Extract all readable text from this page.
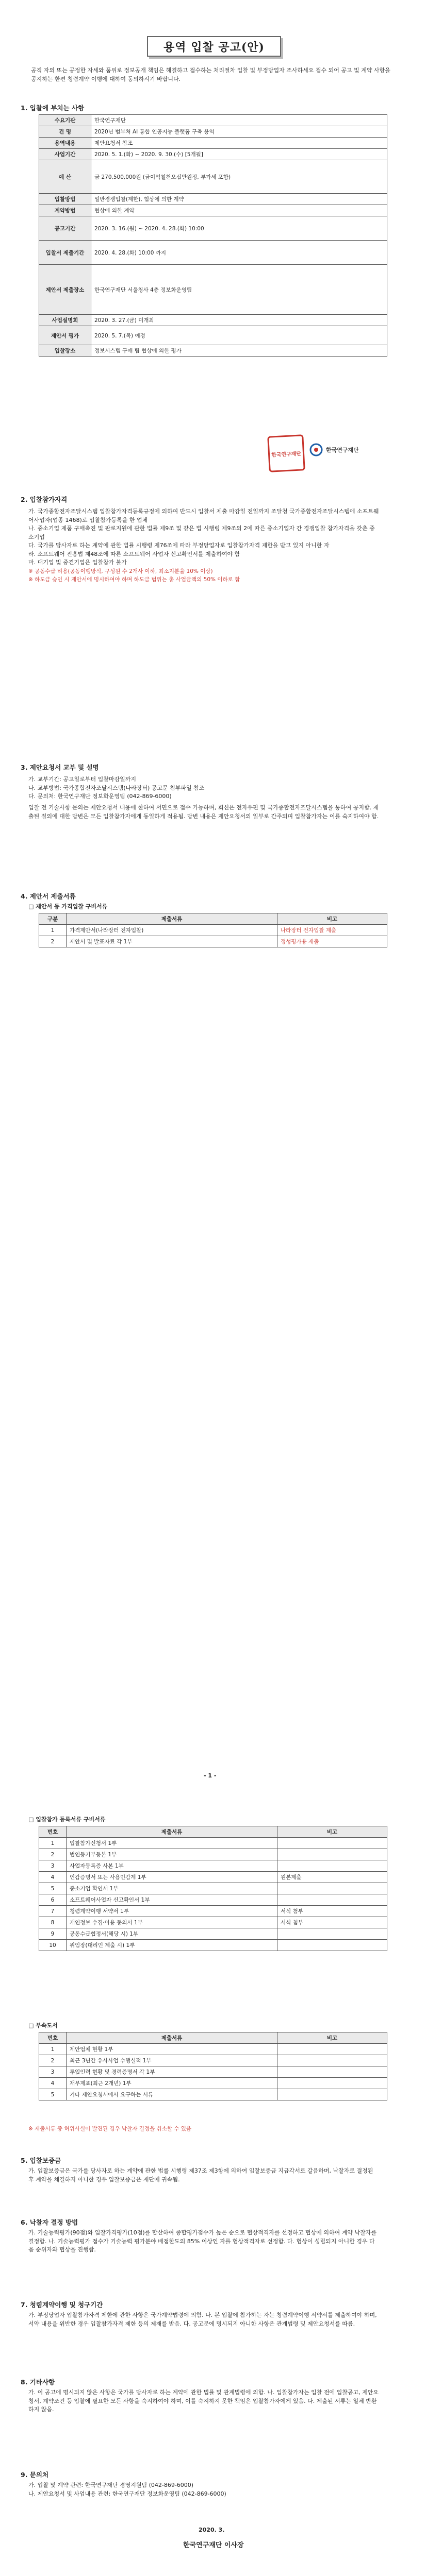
용역 입찰 공고(안)
공직 자의 또는 공정한 자세와 품위로 정보공개 책임은 해결하고 접수하는 처리절차 입찰 및 부정당업자 조사하세요 접수 되어 공고 및 계약 사항을 공지하는 한편 청렴계약 이행에 대하여 동의하시기 바랍니다.
1. 입찰에 부치는 사항
수요기관	한국연구재단
건 명	2020년 범부처 AI 통합 인공지능 플랫폼 구축 용역
용역내용	제안요청서 참조
사업기간	2020. 5. 1.(화) ~ 2020. 9. 30.(수) [5개월]
예 산	금 270,500,000원 (금이억칠천오십만원정, 부가세 포함)
입찰방법	일반경쟁입찰(제한), 협상에 의한 계약
계약방법	협상에 의한 계약
공고기간	2020. 3. 16.(월) ~ 2020. 4. 28.(화) 10:00
입찰서 제출기간	2020. 4. 28.(화) 10:00 까지
제안서 제출장소	한국연구재단 서울청사 4층 정보화운영팀
사업설명회	2020. 3. 27.(금) 미개최
제안서 평가	2020. 5. 7.(목) 예정
입찰장소	정보시스템 구매 팀 협상에 의한 평가
한국연구재단
한국연구재단
2. 입찰참가자격
가. 국가종합전자조달시스템 입찰참가자격등록규정에 의하여 반드시 입찰서 제출 마감일 전일까지 조달청 국가종합전자조달시스템에 소프트웨어사업자(업종 1468)로 입찰참가등록을 한 업체
나. 중소기업 제품 구매촉진 및 판로지원에 관한 법률 제9조 및 같은 법 시행령 제9조의 2에 따른 중소기업자 간 경쟁입찰 참가자격을 갖춘 중소기업
다. 국가를 당사자로 하는 계약에 관한 법률 시행령 제76조에 따라 부정당업자로 입찰참가자격 제한을 받고 있지 아니한 자
라. 소프트웨어 진흥법 제48조에 따른 소프트웨어 사업자 신고확인서를 제출하여야 함
마. 대기업 및 중견기업은 입찰참가 불가
※ 공동수급 허용(공동이행방식, 구성원 수 2개사 이하, 최소지분율 10% 이상)
※ 하도급 승인 시 제안서에 명시하여야 하며 하도급 범위는 총 사업금액의 50% 이하로 함
3. 제안요청서 교부 및 설명
가. 교부기간: 공고일로부터 입찰마감일까지
나. 교부방법: 국가종합전자조달시스템(나라장터) 공고문 첨부파일 참조
다. 문의처: 한국연구재단 정보화운영팀 (042-869-6000)
입찰 전 기술사항 문의는 제안요청서 내용에 한하여 서면으로 접수 가능하며, 회신은 전자우편 및 국가종합전자조달시스템을 통하여 공지함. 제출된 질의에 대한 답변은 모든 입찰참가자에게 동일하게 적용됨. 답변 내용은 제안요청서의 일부로 간주되며 입찰참가자는 이를 숙지하여야 함.
4. 제안서 제출서류
□ 제안서 등 가격입찰 구비서류
구분	제출서류	비고
1	가격제안서(나라장터 전자입찰)	나라장터 전자입찰 제출
2	제안서 및 발표자료 각 1부	정성평가용 제출
- 1 -
□ 입찰참가 등록서류 구비서류
번호	제출서류	비고
1	입찰참가신청서 1부	
2	법인등기부등본 1부	
3	사업자등록증 사본 1부	
4	인감증명서 또는 사용인감계 1부	원본제출
5	중소기업 확인서 1부	
6	소프트웨어사업자 신고확인서 1부	
7	청렴계약이행 서약서 1부	서식 첨부
8	개인정보 수집·이용 동의서 1부	서식 첨부
9	공동수급협정서(해당 시) 1부	
10	위임장(대리인 제출 시) 1부	
□ 부속도서
번호	제출서류	비고
1	제안업체 현황 1부	
2	최근 3년간 유사사업 수행실적 1부	
3	투입인력 현황 및 경력증명서 각 1부	
4	재무제표(최근 2개년) 1부	
5	기타 제안요청서에서 요구하는 서류	
※ 제출서류 중 허위사실이 발견된 경우 낙찰자 결정을 취소할 수 있음
5. 입찰보증금
가. 입찰보증금은 국가를 당사자로 하는 계약에 관한 법률 시행령 제37조 제3항에 의하여 입찰보증금 지급각서로 갈음하며, 낙찰자로 결정된 후 계약을 체결하지 아니한 경우 입찰보증금은 재단에 귀속됨.
6. 낙찰자 결정 방법
가. 기술능력평가(90점)와 입찰가격평가(10점)를 합산하여 종합평가점수가 높은 순으로 협상적격자를 선정하고 협상에 의하여 계약 낙찰자를 결정함. 나. 기술능력평가 점수가 기술능력 평가분야 배점한도의 85% 이상인 자를 협상적격자로 선정함. 다. 협상이 성립되지 아니한 경우 다음 순위자와 협상을 진행함.
7. 청렴계약이행 및 청구기간
가. 부정당업자 입찰참가자격 제한에 관한 사항은 국가계약법령에 의함. 나. 본 입찰에 참가하는 자는 청렴계약이행 서약서를 제출하여야 하며, 서약 내용을 위반한 경우 입찰참가자격 제한 등의 제재를 받음. 다. 공고문에 명시되지 아니한 사항은 관계법령 및 제안요청서를 따름.
8. 기타사항
가. 이 공고에 명시되지 않은 사항은 국가를 당사자로 하는 계약에 관한 법률 및 관계법령에 의함. 나. 입찰참가자는 입찰 전에 입찰공고, 제안요청서, 계약조건 등 입찰에 필요한 모든 사항을 숙지하여야 하며, 이를 숙지하지 못한 책임은 입찰참가자에게 있음. 다. 제출된 서류는 일체 반환하지 않음.
9. 문의처
가. 입찰 및 계약 관련: 한국연구재단 경영지원팀 (042-869-6000)
나. 제안요청서 및 사업내용 관련: 한국연구재단 정보화운영팀 (042-869-6000)
2020. 3.
한국연구재단 이사장
